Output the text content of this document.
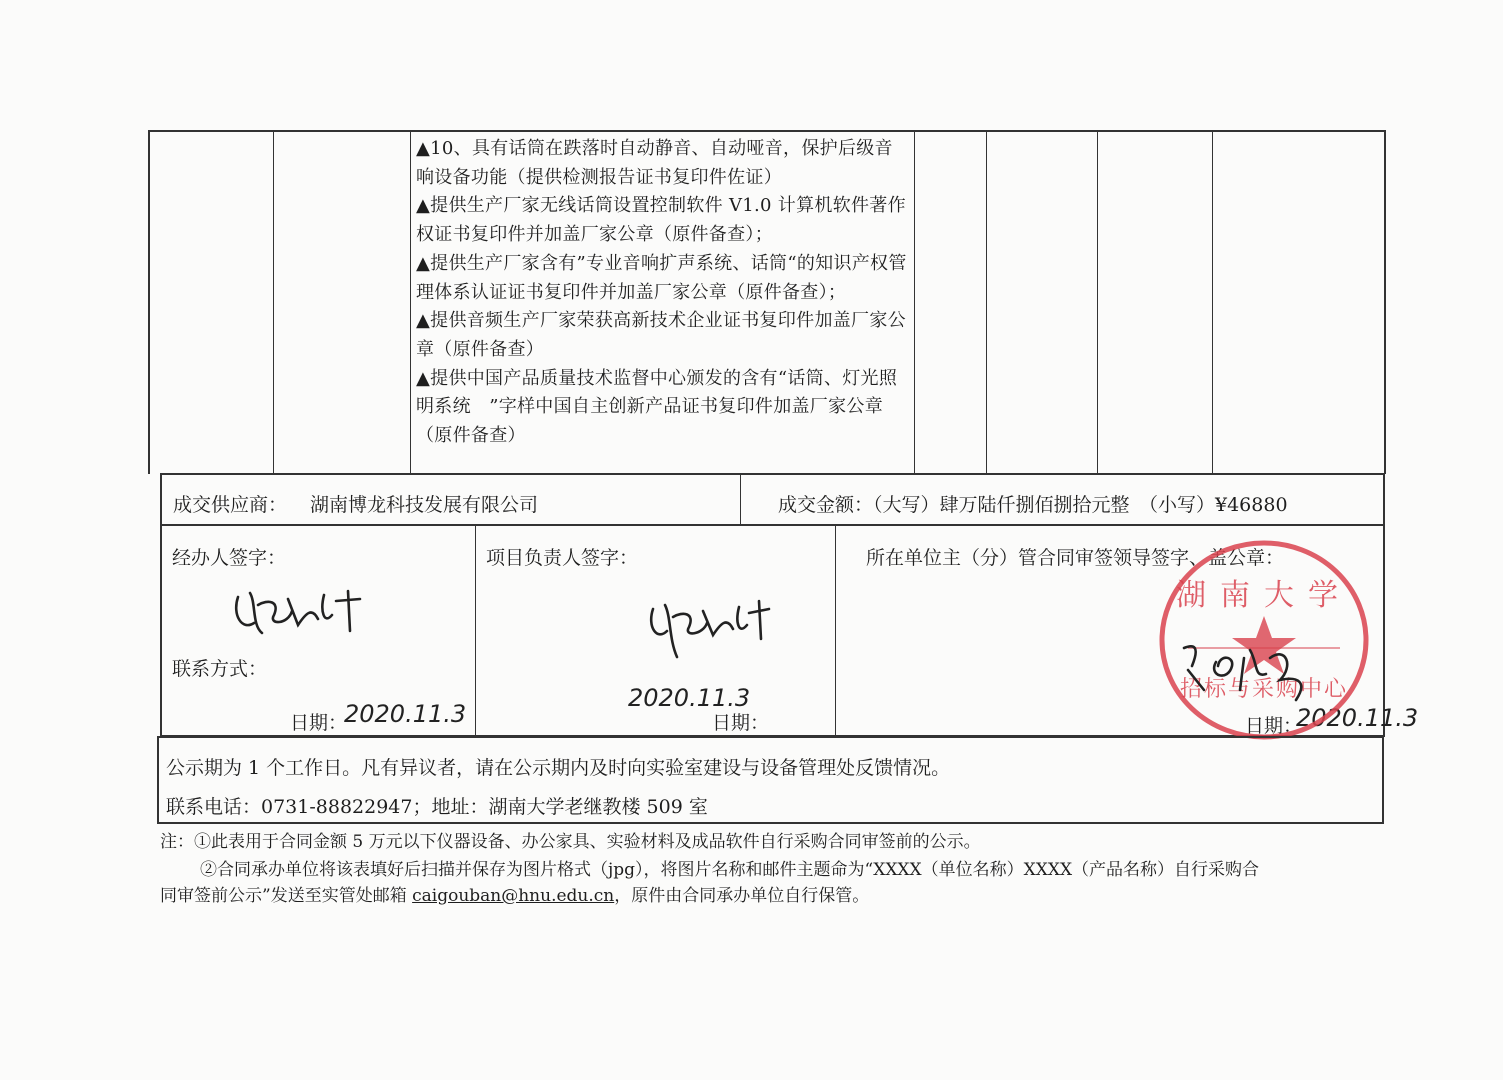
▲10、具有话筒在跌落时自动静音、自动哑音，保护后级音响设备功能（提供检测报告证书复印件佐证）

▲提供生产厂家无线话筒设置控制软件 V1.0 计算机软件著作权证书复印件并加盖厂家公章（原件备查）；

▲提供生产厂家含有”专业音响扩声系统、话筒“的知识产权管理体系认证证书复印件并加盖厂家公章（原件备查）；

▲提供音频生产厂家荣获高新技术企业证书复印件加盖厂家公章（原件备查）

▲提供中国产品质量技术监督中心颁发的含有“话筒、灯光照明系统　”字样中国自主创新产品证书复印件加盖厂家公章（原件备查）

成交供应商： 湖南博龙科技发展有限公司	成交金额：（大写）肆万陆仟捌佰捌拾元整　（小写）¥46880
经办人签字：
联系方式：
日期：
2020.11.3
项目负责人签字：
2020.11.3
日期：
所在单位主（分）管合同审签领导签字、盖公章：
日期：
2020.11.3
湖南大学
招标与采购中心
公示期为 1 个工作日。凡有异议者，请在公示期内及时向实验室建设与设备管理处反馈情况。
联系电话：0731-88822947；地址：湖南大学老继教楼 509 室
注：①此表用于合同金额 5 万元以下仪器设备、办公家具、实验材料及成品软件自行采购合同审签前的公示。
②合同承办单位将该表填好后扫描并保存为图片格式（jpg），将图片名称和邮件主题命为“XXXX（单位名称）XXXX（产品名称）自行采购合
同审签前公示”发送至实管处邮箱 caigouban@hnu.edu.cn，原件由合同承办单位自行保管。
